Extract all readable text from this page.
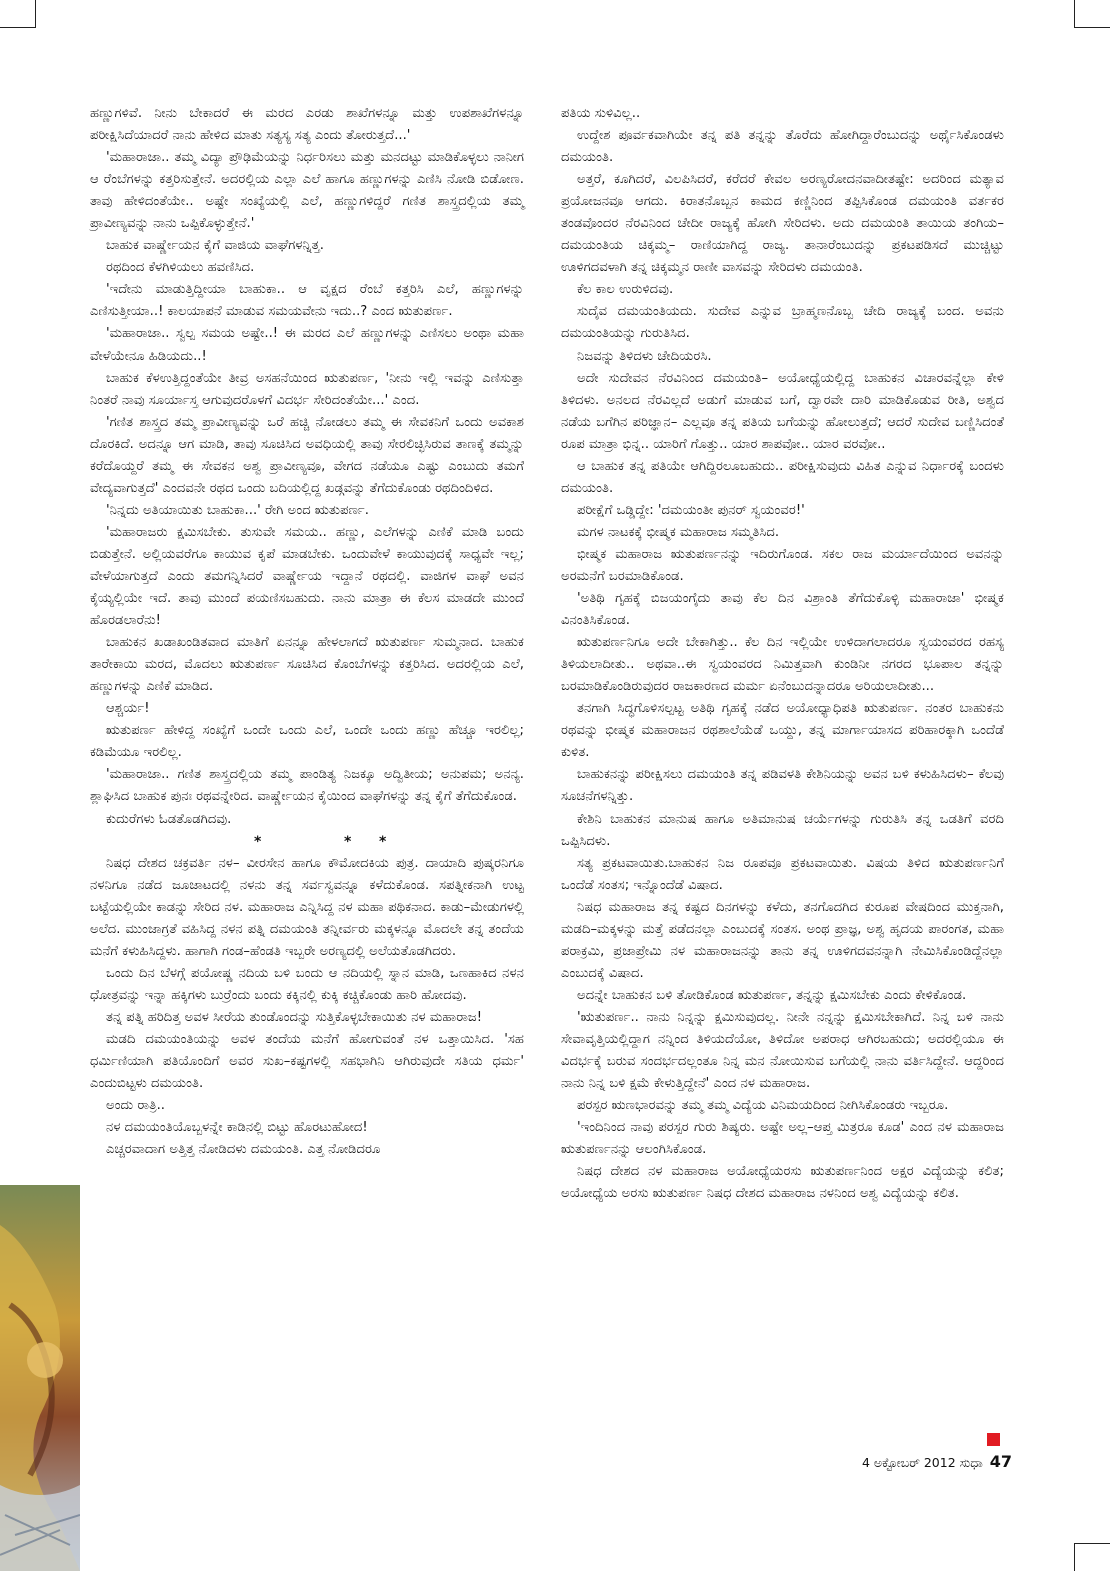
ಹಣ್ಣುಗಳಿವೆ. ನೀನು ಬೇಕಾದರೆ ಈ ಮರದ ಎರಡು ಶಾಖೆಗಳನ್ನೂ ಮತ್ತು ಉಪಶಾಖೆಗಳನ್ನೂ ಪರೀಕ್ಷಿಸಿದೆಯಾದರೆ ನಾನು ಹೇಳಿದ ಮಾತು ಸತ್ಯಸ್ಯ ಸತ್ಯ ಎಂದು ತೋರುತ್ತದೆ...'

'ಮಹಾರಾಜಾ.. ತಮ್ಮ ವಿದ್ಯಾ ಪ್ರೌಢಿಮೆಯನ್ನು ನಿರ್ಧರಿಸಲು ಮತ್ತು ಮನದಟ್ಟು ಮಾಡಿಕೊಳ್ಳಲು ನಾನೀಗ ಆ ರೆಂಬೆಗಳನ್ನು ಕತ್ತರಿಸುತ್ತೇನೆ. ಅದರಲ್ಲಿಯ ಎಲ್ಲಾ ಎಲೆ ಹಾಗೂ ಹಣ್ಣುಗಳನ್ನು ಎಣಿಸಿ ನೋಡಿ ಬಿಡೋಣ. ತಾವು ಹೇಳಿದಂತೆಯೇ.. ಅಷ್ಟೇ ಸಂಖ್ಯೆಯಲ್ಲಿ ಎಲೆ, ಹಣ್ಣುಗಳಿದ್ದರೆ ಗಣಿತ ಶಾಸ್ತ್ರದಲ್ಲಿಯ ತಮ್ಮ ಪ್ರಾವೀಣ್ಯವನ್ನು ನಾನು ಒಪ್ಪಿಕೊಳ್ಳುತ್ತೇನೆ.'

ಬಾಹುಕ ವಾರ್ಷ್ಣೇಯನ ಕೈಗೆ ವಾಜಿಯ ವಾಘೆಗಳನ್ನಿತ್ತ.

ರಥದಿಂದ ಕೆಳಗಿಳಿಯಲು ಹವಣಿಸಿದ.

'ಇದೇನು ಮಾಡುತ್ತಿದ್ದೀಯಾ ಬಾಹುಕಾ.. ಆ ವೃಕ್ಷದ ರೆಂಬೆ ಕತ್ತರಿಸಿ ಎಲೆ, ಹಣ್ಣುಗಳನ್ನು ಎಣಿಸುತ್ತೀಯಾ..! ಕಾಲಯಾಪನೆ ಮಾಡುವ ಸಮಯವೇನು ಇದು..? ಎಂದ ಋತುಪರ್ಣ.

'ಮಹಾರಾಜಾ.. ಸ್ವಲ್ಪ ಸಮಯ ಅಷ್ಟೇ..! ಈ ಮರದ ಎಲೆ ಹಣ್ಣುಗಳನ್ನು ಎಣಿಸಲು ಅಂಥಾ ಮಹಾ ವೇಳೆಯೇನೂ ಹಿಡಿಯದು..!

ಬಾಹುಕ ಕೆಳಉತ್ತಿದ್ದಂತೆಯೇ ತೀವ್ರ ಅಸಹನೆಯಿಂದ ಋತುಪರ್ಣ, 'ನೀನು ಇಲ್ಲಿ ಇವನ್ನು ಎಣಿಸುತ್ತಾ ನಿಂತರೆ ನಾವು ಸೂರ್ಯಾಸ್ತ ಆಗುವುದರೊಳಗೆ ವಿದರ್ಭ ಸೇರಿದಂತೆಯೇ...' ಎಂದ.

'ಗಣಿತ ಶಾಸ್ತ್ರದ ತಮ್ಮ ಪ್ರಾವೀಣ್ಯವನ್ನು ಒರೆ ಹಚ್ಚಿ ನೋಡಲು ತಮ್ಮ ಈ ಸೇವಕನಿಗೆ ಒಂದು ಅವಕಾಶ ದೊರಕಿದೆ. ಅದನ್ನೂ ಆಗ ಮಾಡಿ, ತಾವು ಸೂಚಿಸಿದ ಅವಧಿಯಲ್ಲಿ ತಾವು ಸೇರಲಿಚ್ಛಿಸಿರುವ ತಾಣಕ್ಕೆ ತಮ್ಮನ್ನು ಕರೆದೊಯ್ದರೆ ತಮ್ಮ ಈ ಸೇವಕನ ಅಶ್ವ ಪ್ರಾವೀಣ್ಯವೂ, ವೇಗದ ನಡೆಯೂ ಎಷ್ಟು ಎಂಬುದು ತಮಗೆ ವೇದ್ಯವಾಗುತ್ತದೆ' ಎಂದವನೇ ರಥದ ಒಂದು ಬದಿಯಲ್ಲಿದ್ದ ಖಡ್ಗವನ್ನು ತೆಗೆದುಕೊಂಡು ರಥದಿಂದಿಳಿದ.

'ನಿನ್ನದು ಅತಿಯಾಯಿತು ಬಾಹುಕಾ...' ರೇಗಿ ಅಂದ ಋತುಪರ್ಣ.

'ಮಹಾರಾಜರು ಕ್ಷಮಿಸಬೇಕು. ತುಸುವೇ ಸಮಯ.. ಹಣ್ಣು, ಎಲೆಗಳನ್ನು ಎಣಿಕೆ ಮಾಡಿ ಬಂದು ಬಿಡುತ್ತೇನೆ. ಅಲ್ಲಿಯವರೆಗೂ ಕಾಯುವ ಕೃಪೆ ಮಾಡಬೇಕು. ಒಂದುವೇಳೆ ಕಾಯುವುದಕ್ಕೆ ಸಾಧ್ಯವೇ ಇಲ್ಲ; ವೇಳೆಯಾಗುತ್ತದೆ ಎಂದು ತಮಗನ್ನಿಸಿದರೆ ವಾರ್ಷ್ಣೇಯ ಇದ್ದಾನೆ ರಥದಲ್ಲಿ. ವಾಜಿಗಳ ವಾಘೆ ಅವನ ಕೈಯ್ಯಲ್ಲಿಯೇ ಇದೆ. ತಾವು ಮುಂದೆ ಪಯಣಿಸಬಹುದು. ನಾನು ಮಾತ್ರಾ ಈ ಕೆಲಸ ಮಾಡದೇ ಮುಂದೆ ಹೊರಡಲಾರೆನು!

ಬಾಹುಕನ ಖಡಾಖಂಡಿತವಾದ ಮಾತಿಗೆ ಏನನ್ನೂ ಹೇಳಲಾಗದೆ ಋತುಪರ್ಣ ಸುಮ್ಮನಾದ. ಬಾಹುಕ ತಾರೇಕಾಯಿ ಮರದ, ಮೊದಲು ಋತುಪರ್ಣ ಸೂಚಿಸಿದ ಕೊಂಬೆಗಳನ್ನು ಕತ್ತರಿಸಿದ. ಅದರಲ್ಲಿಯ ಎಲೆ, ಹಣ್ಣುಗಳನ್ನು ಎಣಿಕೆ ಮಾಡಿದ.

ಆಶ್ಚರ್ಯ!

ಋತುಪರ್ಣ ಹೇಳಿದ್ದ ಸಂಖ್ಯೆಗೆ ಒಂದೇ ಒಂದು ಎಲೆ, ಒಂದೇ ಒಂದು ಹಣ್ಣು ಹೆಚ್ಚೂ ಇರಲಿಲ್ಲ; ಕಡಿಮೆಯೂ ಇರಲಿಲ್ಲ.

'ಮಹಾರಾಜಾ.. ಗಣಿತ ಶಾಸ್ತ್ರದಲ್ಲಿಯ ತಮ್ಮ ಪಾಂಡಿತ್ಯ ನಿಜಕ್ಕೂ ಅದ್ವಿತೀಯ; ಅನುಪಮ; ಅನನ್ಯ. ಶ್ಲಾಘಿಸಿದ ಬಾಹುಕ ಪುನಃ ರಥವನ್ನೇರಿದ. ವಾರ್ಷ್ಣೇಯನ ಕೈಯಿಂದ ವಾಘೆಗಳನ್ನು ತನ್ನ ಕೈಗೆ ತೆಗೆದುಕೊಂಡ.

ಕುದುರೆಗಳು ಓಡತೊಡಗಿದವು.

*	* *

ನಿಷಧ ದೇಶದ ಚಕ್ರವರ್ತಿ ನಳ– ವೀರಸೇನ ಹಾಗೂ ಕೌಮೋದಕಿಯ ಪುತ್ರ. ದಾಯಾದಿ ಪುಷ್ಕರನಿಗೂ ನಳನಿಗೂ ನಡೆದ ಜೂಜಾಟದಲ್ಲಿ ನಳನು ತನ್ನ ಸರ್ವಸ್ವವನ್ನೂ ಕಳೆದುಕೊಂಡ. ಸಪತ್ನೀಕನಾಗಿ ಉಟ್ಟ ಬಟ್ಟೆಯಲ್ಲಿಯೇ ಕಾಡನ್ನು ಸೇರಿದ ನಳ. ಮಹಾರಾಜ ಎನ್ನಿಸಿದ್ದ ನಳ ಮಹಾ ಪಥಿಕನಾದ. ಕಾಡು–ಮೇಡುಗಳಲ್ಲಿ ಅಲೆದ. ಮುಂಜಾಗ್ರತೆ ವಹಿಸಿದ್ದ ನಳನ ಪತ್ನಿ ದಮಯಂತಿ ತನ್ನೀರ್ವರು ಮಕ್ಕಳನ್ನೂ ಮೊದಲೇ ತನ್ನ ತಂದೆಯ ಮನೆಗೆ ಕಳುಹಿಸಿದ್ದಳು. ಹಾಗಾಗಿ ಗಂಡ–ಹೆಂಡತಿ ಇಬ್ಬರೇ ಅರಣ್ಯದಲ್ಲಿ ಅಲೆಯತೊಡಗಿದರು.

ಒಂದು ದಿನ ಬೆಳಗ್ಗೆ ಪಯೋಷ್ಣ ನದಿಯ ಬಳಿ ಬಂದು ಆ ನದಿಯಲ್ಲಿ ಸ್ನಾನ ಮಾಡಿ, ಒಣಹಾಕಿದ ನಳನ ಧೋತ್ರವನ್ನು ಇನ್ನಾ ಹಕ್ಕಿಗಳು ಬುರ್ರೆಂದು ಬಂದು ಕಕ್ಕಿನಲ್ಲಿ ಕುಕ್ಕಿ ಕಚ್ಚಿಕೊಂಡು ಹಾರಿ ಹೋದವು.

ತನ್ನ ಪತ್ನಿ ಹರಿದಿತ್ತ ಅವಳ ಸೀರೆಯ ತುಂಡೊಂದನ್ನು ಸುತ್ತಿಕೊಳ್ಳಬೇಕಾಯಿತು ನಳ ಮಹಾರಾಜ!

ಮಡದಿ ದಮಯಂತಿಯನ್ನು ಅವಳ ತಂದೆಯ ಮನೆಗೆ ಹೋಗುವಂತೆ ನಳ ಒತ್ತಾಯಿಸಿದ. 'ಸಹ ಧರ್ಮಿಣಿಯಾಗಿ ಪತಿಯೊಂದಿಗೆ ಅವರ ಸುಖ–ಕಷ್ಟಗಳಲ್ಲಿ ಸಹಭಾಗಿನಿ ಆಗಿರುವುದೇ ಸತಿಯ ಧರ್ಮ' ಎಂದುಬಿಟ್ಟಳು ದಮಯಂತಿ.

ಅಂದು ರಾತ್ರಿ..

ನಳ ದಮಯಂತಿಯೊಬ್ಬಳನ್ನೇ ಕಾಡಿನಲ್ಲಿ ಬಿಟ್ಟು ಹೊರಟುಹೋದ!

ಎಚ್ಚರವಾದಾಗ ಅತ್ತಿತ್ತ ನೋಡಿದಳು ದಮಯಂತಿ. ಎತ್ತ ನೋಡಿದರೂ

ಪತಿಯ ಸುಳಿವಿಲ್ಲ..

ಉದ್ದೇಶ ಪೂರ್ವಕವಾಗಿಯೇ ತನ್ನ ಪತಿ ತನ್ನನ್ನು ತೊರೆದು ಹೋಗಿದ್ದಾರೆಂಬುದನ್ನು ಅರ್ಥೈಸಿಕೊಂಡಳು ದಮಯಂತಿ.

ಅತ್ತರೆ, ಕೂಗಿದರೆ, ವಿಲಪಿಸಿದರೆ, ಕರೆದರೆ ಕೇವಲ ಅರಣ್ಯರೋದನವಾದೀತಷ್ಟೇ: ಅದರಿಂದ ಮತ್ಯಾವ ಪ್ರಯೋಜನವೂ ಆಗದು. ಕಿರಾತನೊಬ್ಬನ ಕಾಮದ ಕಣ್ಣಿನಿಂದ ತಪ್ಪಿಸಿಕೊಂಡ ದಮಯಂತಿ ವರ್ತಕರ ತಂಡವೊಂದರ ನೆರವಿನಿಂದ ಚೇದೀ ರಾಜ್ಯಕ್ಕೆ ಹೋಗಿ ಸೇರಿದಳು. ಅದು ದಮಯಂತಿ ತಾಯಿಯ ತಂಗಿಯ– ದಮಯಂತಿಯ ಚಿಕ್ಕಮ್ಮ– ರಾಣಿಯಾಗಿದ್ದ ರಾಜ್ಯ. ತಾನಾರೆಂಬುದನ್ನು ಪ್ರಕಟಪಡಿಸದೆ ಮುಚ್ಚಿಟ್ಟು ಊಳಿಗದವಳಾಗಿ ತನ್ನ ಚಿಕ್ಕಮ್ಮನ ರಾಣೀ ವಾಸವನ್ನು ಸೇರಿದಳು ದಮಯಂತಿ.

ಕೆಲ ಕಾಲ ಉರುಳಿದವು.

ಸುದೈವ ದಮಯಂತಿಯದು. ಸುದೇವ ಎನ್ನುವ ಬ್ರಾಹ್ಮಣನೊಬ್ಬ ಚೇದಿ ರಾಜ್ಯಕ್ಕೆ ಬಂದ. ಅವನು ದಮಯಂತಿಯನ್ನು ಗುರುತಿಸಿದ.

ನಿಜವನ್ನು ತಿಳಿದಳು ಚೇದಿಯರಸಿ.

ಅದೇ ಸುದೇವನ ನೆರವಿನಿಂದ ದಮಯಂತಿ– ಅಯೋಧ್ಯೆಯಲ್ಲಿದ್ದ ಬಾಹುಕನ ವಿಚಾರವನ್ನೆಲ್ಲಾ ಕೇಳಿ ತಿಳಿದಳು. ಅನಲದ ನೆರವಿಲ್ಲದೆ ಅಡುಗೆ ಮಾಡುವ ಬಗೆ, ದ್ವಾರವೇ ದಾರಿ ಮಾಡಿಕೊಡುವ ರೀತಿ, ಅಶ್ವದ ನಡೆಯ ಬಗೆಗಿನ ಪರಿಜ್ಞಾನ– ಎಲ್ಲವೂ ತನ್ನ ಪತಿಯ ಬಗೆಯನ್ನು ಹೋಲುತ್ತದೆ; ಆದರೆ ಸುದೇವ ಬಣ್ಣಿಸಿದಂತೆ ರೂಪ ಮಾತ್ರಾ ಭಿನ್ನ.. ಯಾರಿಗೆ ಗೊತ್ತು.. ಯಾರ ಶಾಪವೋ.. ಯಾರ ವರವೋ..

ಆ ಬಾಹುಕ ತನ್ನ ಪತಿಯೇ ಆಗಿದ್ದಿರಲೂಬಹುದು.. ಪರೀಕ್ಷಿಸುವುದು ವಿಹಿತ ಎನ್ನುವ ನಿರ್ಧಾರಕ್ಕೆ ಬಂದಳು ದಮಯಂತಿ.

ಪರೀಕ್ಷೆಗೆ ಒಡ್ಡಿದ್ದೇ: 'ದಮಯಂತೀ ಪುನರ್ ಸ್ವಯಂವರ!'

ಮಗಳ ನಾಟಕಕ್ಕೆ ಭೀಷ್ಮಕ ಮಹಾರಾಜ ಸಮ್ಮತಿಸಿದ.

ಭೀಷ್ಮಕ ಮಹಾರಾಜ ಋತುಪರ್ಣನನ್ನು ಇದಿರುಗೊಂಡ. ಸಕಲ ರಾಜ ಮರ್ಯಾದೆಯಿಂದ ಅವನನ್ನು ಅರಮನೆಗೆ ಬರಮಾಡಿಕೊಂಡ.

'ಅತಿಥಿ ಗೃಹಕ್ಕೆ ಬಿಜಯಂಗೈದು ತಾವು ಕೆಲ ದಿನ ವಿಶ್ರಾಂತಿ ತೆಗೆದುಕೊಳ್ಳಿ ಮಹಾರಾಜಾ' ಭೀಷ್ಮಕ ವಿನಂತಿಸಿಕೊಂಡ.

ಋತುಪರ್ಣನಿಗೂ ಅದೇ ಬೇಕಾಗಿತ್ತು.. ಕೆಲ ದಿನ ಇಲ್ಲಿಯೇ ಉಳಿದಾಗಲಾದರೂ ಸ್ವಯಂವರದ ರಹಸ್ಯ ತಿಳಿಯಲಾದೀತು.. ಅಥವಾ..ಈ ಸ್ವಯಂವರದ ನಿಮಿತ್ತವಾಗಿ ಕುಂಡಿನೀ ನಗರದ ಭೂಪಾಲ ತನ್ನನ್ನು ಬರಮಾಡಿಕೊಂಡಿರುವುದರ ರಾಜಕಾರಣದ ಮರ್ಮ ಏನೆಂಬುದನ್ನಾದರೂ ಅರಿಯಲಾದೀತು...

ತನಗಾಗಿ ಸಿದ್ಧಗೊಳಿಸಲ್ಪಟ್ಟ ಅತಿಥಿ ಗೃಹಕ್ಕೆ ನಡೆದ ಅಯೋಧ್ಯಾಧಿಪತಿ ಋತುಪರ್ಣ. ನಂತರ ಬಾಹುಕನು ರಥವನ್ನು ಭೀಷ್ಮಕ ಮಹಾರಾಜನ ರಥಶಾಲೆಯೆಡೆ ಒಯ್ದು, ತನ್ನ ಮಾರ್ಗಾಯಾಸದ ಪರಿಹಾರಕ್ಕಾಗಿ ಒಂದೆಡೆ ಕುಳಿತ.

ಬಾಹುಕನನ್ನು ಪರೀಕ್ಷಿಸಲು ದಮಯಂತಿ ತನ್ನ ಪಡಿವಳತಿ ಕೇಶಿನಿಯನ್ನು ಅವನ ಬಳಿ ಕಳುಹಿಸಿದಳು– ಕೆಲವು ಸೂಚನೆಗಳನ್ನಿತ್ತು.

ಕೇಶಿನಿ ಬಾಹುಕನ ಮಾನುಷ ಹಾಗೂ ಅತಿಮಾನುಷ ಚರ್ಯೆಗಳನ್ನು ಗುರುತಿಸಿ ತನ್ನ ಒಡತಿಗೆ ವರದಿ ಒಪ್ಪಿಸಿದಳು.

ಸತ್ಯ ಪ್ರಕಟವಾಯಿತು.ಬಾಹುಕನ ನಿಜ ರೂಪವೂ ಪ್ರಕಟವಾಯಿತು. ವಿಷಯ ತಿಳಿದ ಋತುಪರ್ಣನಿಗೆ ಒಂದೆಡೆ ಸಂತಸ; ಇನ್ನೊಂದೆಡೆ ವಿಷಾದ.

ನಿಷಧ ಮಹಾರಾಜ ತನ್ನ ಕಷ್ಟದ ದಿನಗಳನ್ನು ಕಳೆದು, ತನಗೊದಗಿದ ಕುರೂಪ ವೇಷದಿಂದ ಮುಕ್ತನಾಗಿ, ಮಡದಿ–ಮಕ್ಕಳನ್ನು ಮತ್ತೆ ಪಡೆದನಲ್ಲಾ ಎಂಬುದಕ್ಕೆ ಸಂತಸ. ಅಂಥ ಪ್ರಾಜ್ಞ, ಅಶ್ವ ಹೃದಯ ಪಾರಂಗತ, ಮಹಾ ಪರಾಕ್ರಮಿ, ಪ್ರಜಾಪ್ರೇಮಿ ನಳ ಮಹಾರಾಜನನ್ನು ತಾನು ತನ್ನ ಊಳಿಗದವನನ್ನಾಗಿ ನೇಮಿಸಿಕೊಂಡಿದ್ದೆನಲ್ಲಾ ಎಂಬುದಕ್ಕೆ ವಿಷಾದ.

ಅದನ್ನೇ ಬಾಹುಕನ ಬಳಿ ತೋಡಿಕೊಂಡ ಋತುಪರ್ಣ, ತನ್ನನ್ನು ಕ್ಷಮಿಸಬೇಕು ಎಂದು ಕೇಳಿಕೊಂಡ.

'ಋತುಪರ್ಣ.. ನಾನು ನಿನ್ನನ್ನು ಕ್ಷಮಿಸುವುದಲ್ಲ. ನೀನೇ ನನ್ನನ್ನು ಕ್ಷಮಿಸಬೇಕಾಗಿದೆ. ನಿನ್ನ ಬಳಿ ನಾನು ಸೇವಾವೃತ್ತಿಯಲ್ಲಿದ್ದಾಗ ನನ್ನಿಂದ ತಿಳಿಯದೆಯೋ, ತಿಳಿದೋ ಅಪರಾಧ ಆಗಿರಬಹುದು; ಅದರಲ್ಲಿಯೂ ಈ ವಿದರ್ಭಕ್ಕೆ ಬರುವ ಸಂದರ್ಭದಲ್ಲಂತೂ ನಿನ್ನ ಮನ ನೋಯಿಸುವ ಬಗೆಯಲ್ಲಿ ನಾನು ವರ್ತಿಸಿದ್ದೇನೆ. ಆದ್ದರಿಂದ ನಾನು ನಿನ್ನ ಬಳಿ ಕ್ಷಮೆ ಕೇಳುತ್ತಿದ್ದೇನೆ' ಎಂದ ನಳ ಮಹಾರಾಜ.

ಪರಸ್ಪರ ಋಣಭಾರವನ್ನು ತಮ್ಮ ತಮ್ಮ ವಿದ್ಯೆಯ ವಿನಿಮಯದಿಂದ ನೀಗಿಸಿಕೊಂಡರು ಇಬ್ಬರೂ.

'ಇಂದಿನಿಂದ ನಾವು ಪರಸ್ಪರ ಗುರು ಶಿಷ್ಯರು. ಅಷ್ಟೇ ಅಲ್ಲ–ಆಪ್ತ ಮಿತ್ರರೂ ಕೂಡ' ಎಂದ ನಳ ಮಹಾರಾಜ ಋತುಪರ್ಣನನ್ನು ಆಲಂಗಿಸಿಕೊಂಡ.

ನಿಷಧ ದೇಶದ ನಳ ಮಹಾರಾಜ ಅಯೋಧ್ಯೆಯರಸು ಋತುಪರ್ಣನಿಂದ ಅಕ್ಷರ ವಿದ್ಯೆಯನ್ನು ಕಲಿತ; ಅಯೋಧ್ಯೆಯ ಅರಸು ಋತುಪರ್ಣ ನಿಷಧ ದೇಶದ ಮಹಾರಾಜ ನಳನಿಂದ ಅಶ್ವ ವಿದ್ಯೆಯನ್ನು ಕಲಿತ.

4 ಅಕ್ಟೋಬರ್ 2012 ಸುಧಾ 47
